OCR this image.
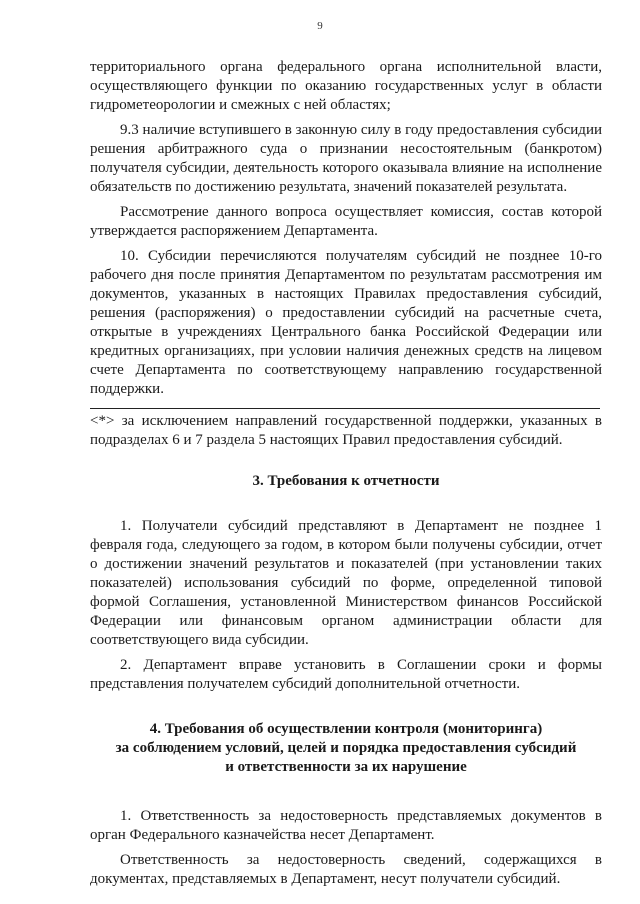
9

территориального органа федерального органа исполнительной власти, осуществляющего функции по оказанию государственных услуг в области гидрометеорологии и смежных с ней областях;

9.3 наличие вступившего в законную силу в году предоставления субсидии решения арбитражного суда о признании несостоятельным (банкротом) получателя субсидии, деятельность которого оказывала влияние на исполнение обязательств по достижению результата, значений показателей результата.

Рассмотрение данного вопроса осуществляет комиссия, состав которой утверждается распоряжением Департамента.

10. Субсидии перечисляются получателям субсидий не позднее 10-го рабочего дня после принятия Департаментом по результатам рассмотрения им документов, указанных в настоящих Правилах предоставления субсидий, решения (распоряжения) о предоставлении субсидий на расчетные счета, открытые в учреждениях Центрального банка Российской Федерации или кредитных организациях, при условии наличия денежных средств на лицевом счете Департамента по соответствующему направлению государственной поддержки.

<*> за исключением направлений государственной поддержки, указанных в подразделах 6 и 7 раздела 5 настоящих Правил предоставления субсидий.

3. Требования к отчетности

1. Получатели субсидий представляют в Департамент не позднее 1 февраля года, следующего за годом, в котором были получены субсидии, отчет о достижении значений результатов и показателей (при установлении таких показателей) использования субсидий по форме, определенной типовой формой Соглашения, установленной Министерством финансов Российской Федерации или финансовым органом администрации области для соответствующего вида субсидии.

2. Департамент вправе установить в Соглашении сроки и формы представления получателем субсидий дополнительной отчетности.

4. Требования об осуществлении контроля (мониторинга)
за соблюдением условий, целей и порядка предоставления субсидий
и ответственности за их нарушение

1. Ответственность за недостоверность представляемых документов в орган Федерального казначейства несет Департамент.

Ответственность за недостоверность сведений, содержащихся в документах, представляемых в Департамент, несут получатели субсидий.
